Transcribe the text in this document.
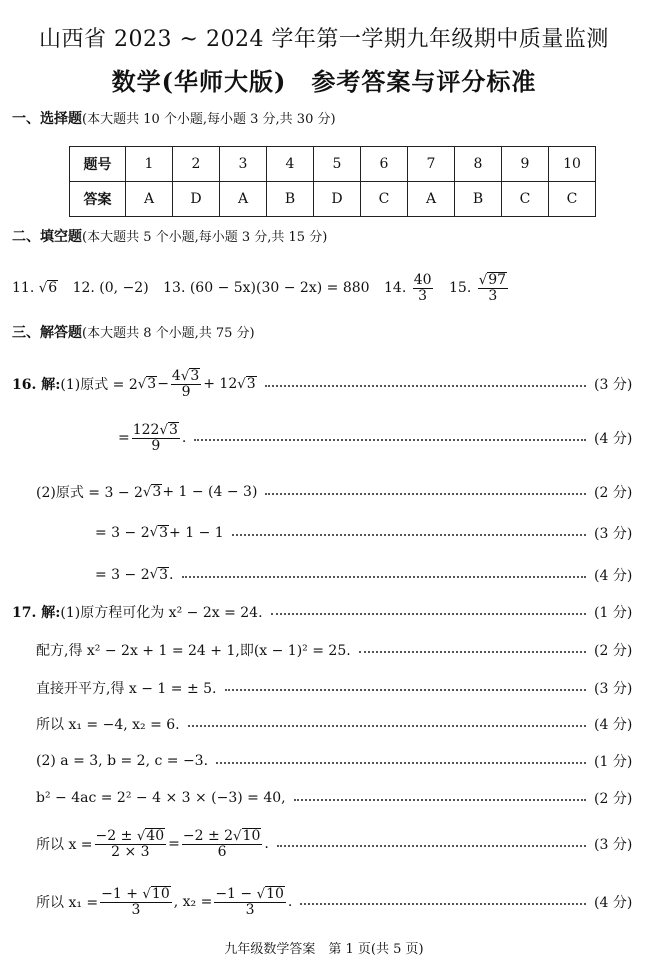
山西省 2023 ~ 2024 学年第一学期九年级期中质量监测
数学(华师大版)　参考答案与评分标准
一、选择题(本大题共 10 个小题,每小题 3 分,共 30 分)
题号	1	2	3	4	5	6	7	8	9	10
答案	A	D	A	B	D	C	A	B	C	C
二、填空题(本大题共 5 个小题,每小题 3 分,共 15 分)
11. √6 12. (0, −2) 13. (60 − 5x)(30 − 2x) = 880 14. $\frac{40}{3} 15$. $\frac{√97}{3}$
三、解答题(本大题共 8 个小题,共 75 分)
16. 解: (1)原式 = 2 √ $3 - \frac{4√3}{9} + 12$ √ 3	(3 分)
= $\frac{122√3}{9}$ .	(4 分)
(2)原式 = 3 − 2 √ 3 + 1 − (4 − 3)	(2 分)
= 3 − 2 √ 3 + 1 − 1	(3 分)
= 3 − 2 √ 3 .	(4 分)
17. 解: (1)原方程可化为 x² − 2x = 24.	(1 分)
配方,得 x² − 2x + 1 = 24 + 1,即(x − 1)² = 25.	(2 分)
直接开平方,得 x − 1 = ± 5.	(3 分)
所以 x₁ = −4, x₂ = 6.	(4 分)
(2) a = 3, b = 2, c = −3.	(1 分)
b² − 4ac = 2² − 4 × 3 × (−3) = 40,	(2 分)
所以 $x = \frac{-2 \pm √40}{2 \times 3} = \frac{-2 \pm 2√10}{6}$ .	(3 分)
所以 $x_1 = \frac{-1 + √10}{3}$ , $x_2 = \frac{-1 - √10}{3}$ .	(4 分)
九年级数学答案　第 1 页(共 5 页)
